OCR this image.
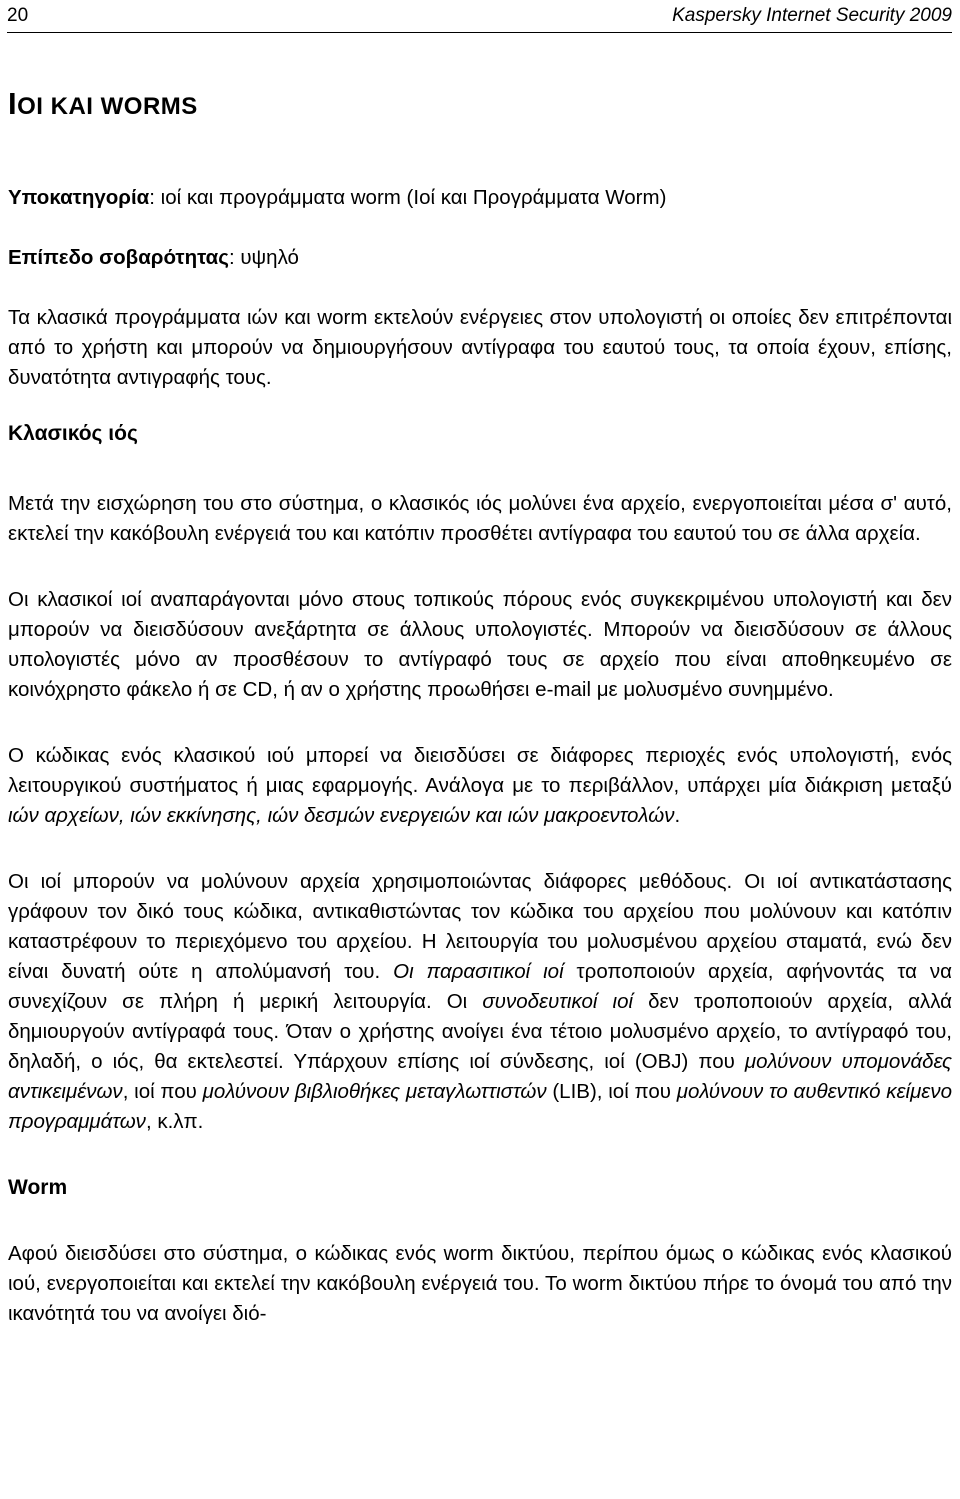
20	Kaspersky Internet Security 2009
ΙΟΙ ΚΑΙ WORMS

Υποκατηγορία: ιοί και προγράμματα worm (Ιοί και Προγράμματα Worm)

Επίπεδο σοβαρότητας: υψηλό

Τα κλασικά προγράμματα ιών και worm εκτελούν ενέργειες στον υπολογιστή οι οποίες δεν επιτρέπονται από το χρήστη και μπορούν να δημιουργήσουν αντίγραφα του εαυτού τους, τα οποία έχουν, επίσης, δυνατότητα αντιγραφής τους.

Κλασικός ιός

Μετά την εισχώρηση του στο σύστημα, ο κλασικός ιός μολύνει ένα αρχείο, ενεργοποιείται μέσα σ' αυτό, εκτελεί την κακόβουλη ενέργειά του και κατόπιν προσθέτει αντίγραφα του εαυτού του σε άλλα αρχεία.

Οι κλασικοί ιοί αναπαράγονται μόνο στους τοπικούς πόρους ενός συγκεκριμένου υπολογιστή και δεν μπορούν να διεισδύσουν ανεξάρτητα σε άλλους υπολογιστές. Μπορούν να διεισδύσουν σε άλλους υπολογιστές μόνο αν προσθέσουν το αντίγραφό τους σε αρχείο που είναι αποθηκευμένο σε κοινόχρηστο φάκελο ή σε CD, ή αν ο χρήστης προωθήσει e-mail με μολυσμένο συνημμένο.

Ο κώδικας ενός κλασικού ιού μπορεί να διεισδύσει σε διάφορες περιοχές ενός υπολογιστή, ενός λειτουργικού συστήματος ή μιας εφαρμογής. Ανάλογα με το περιβάλλον, υπάρχει μία διάκριση μεταξύ ιών αρχείων, ιών εκκίνησης, ιών δεσμών ενεργειών και ιών μακροεντολών.

Οι ιοί μπορούν να μολύνουν αρχεία χρησιμοποιώντας διάφορες μεθόδους. Οι ιοί αντικατάστασης γράφουν τον δικό τους κώδικα, αντικαθιστώντας τον κώδικα του αρχείου που μολύνουν και κατόπιν καταστρέφουν το περιεχόμενο του αρχείου. Η λειτουργία του μολυσμένου αρχείου σταματά, ενώ δεν είναι δυνατή ούτε η απολύμανσή του. Οι παρασιτικοί ιοί τροποποιούν αρχεία, αφήνοντάς τα να συνεχίζουν σε πλήρη ή μερική λειτουργία. Οι συνοδευτικοί ιοί δεν τροποποιούν αρχεία, αλλά δημιουργούν αντίγραφά τους. Όταν ο χρήστης ανοίγει ένα τέτοιο μολυσμένο αρχείο, το αντίγραφό του, δηλαδή, ο ιός, θα εκτελεστεί. Υπάρχουν επίσης ιοί σύνδεσης, ιοί (OBJ) που μολύνουν υπομονάδες αντικειμένων, ιοί που μολύνουν βιβλιοθήκες μεταγλωττιστών (LIB), ιοί που μολύνουν το αυθεντικό κείμενο προγραμμάτων, κ.λπ.

Worm

Αφού διεισδύσει στο σύστημα, ο κώδικας ενός worm δικτύου, περίπου όμως ο κώδικας ενός κλασικού ιού, ενεργοποιείται και εκτελεί την κακόβουλη ενέργειά του. Το worm δικτύου πήρε το όνομά του από την ικανότητά του να ανοίγει διό-
